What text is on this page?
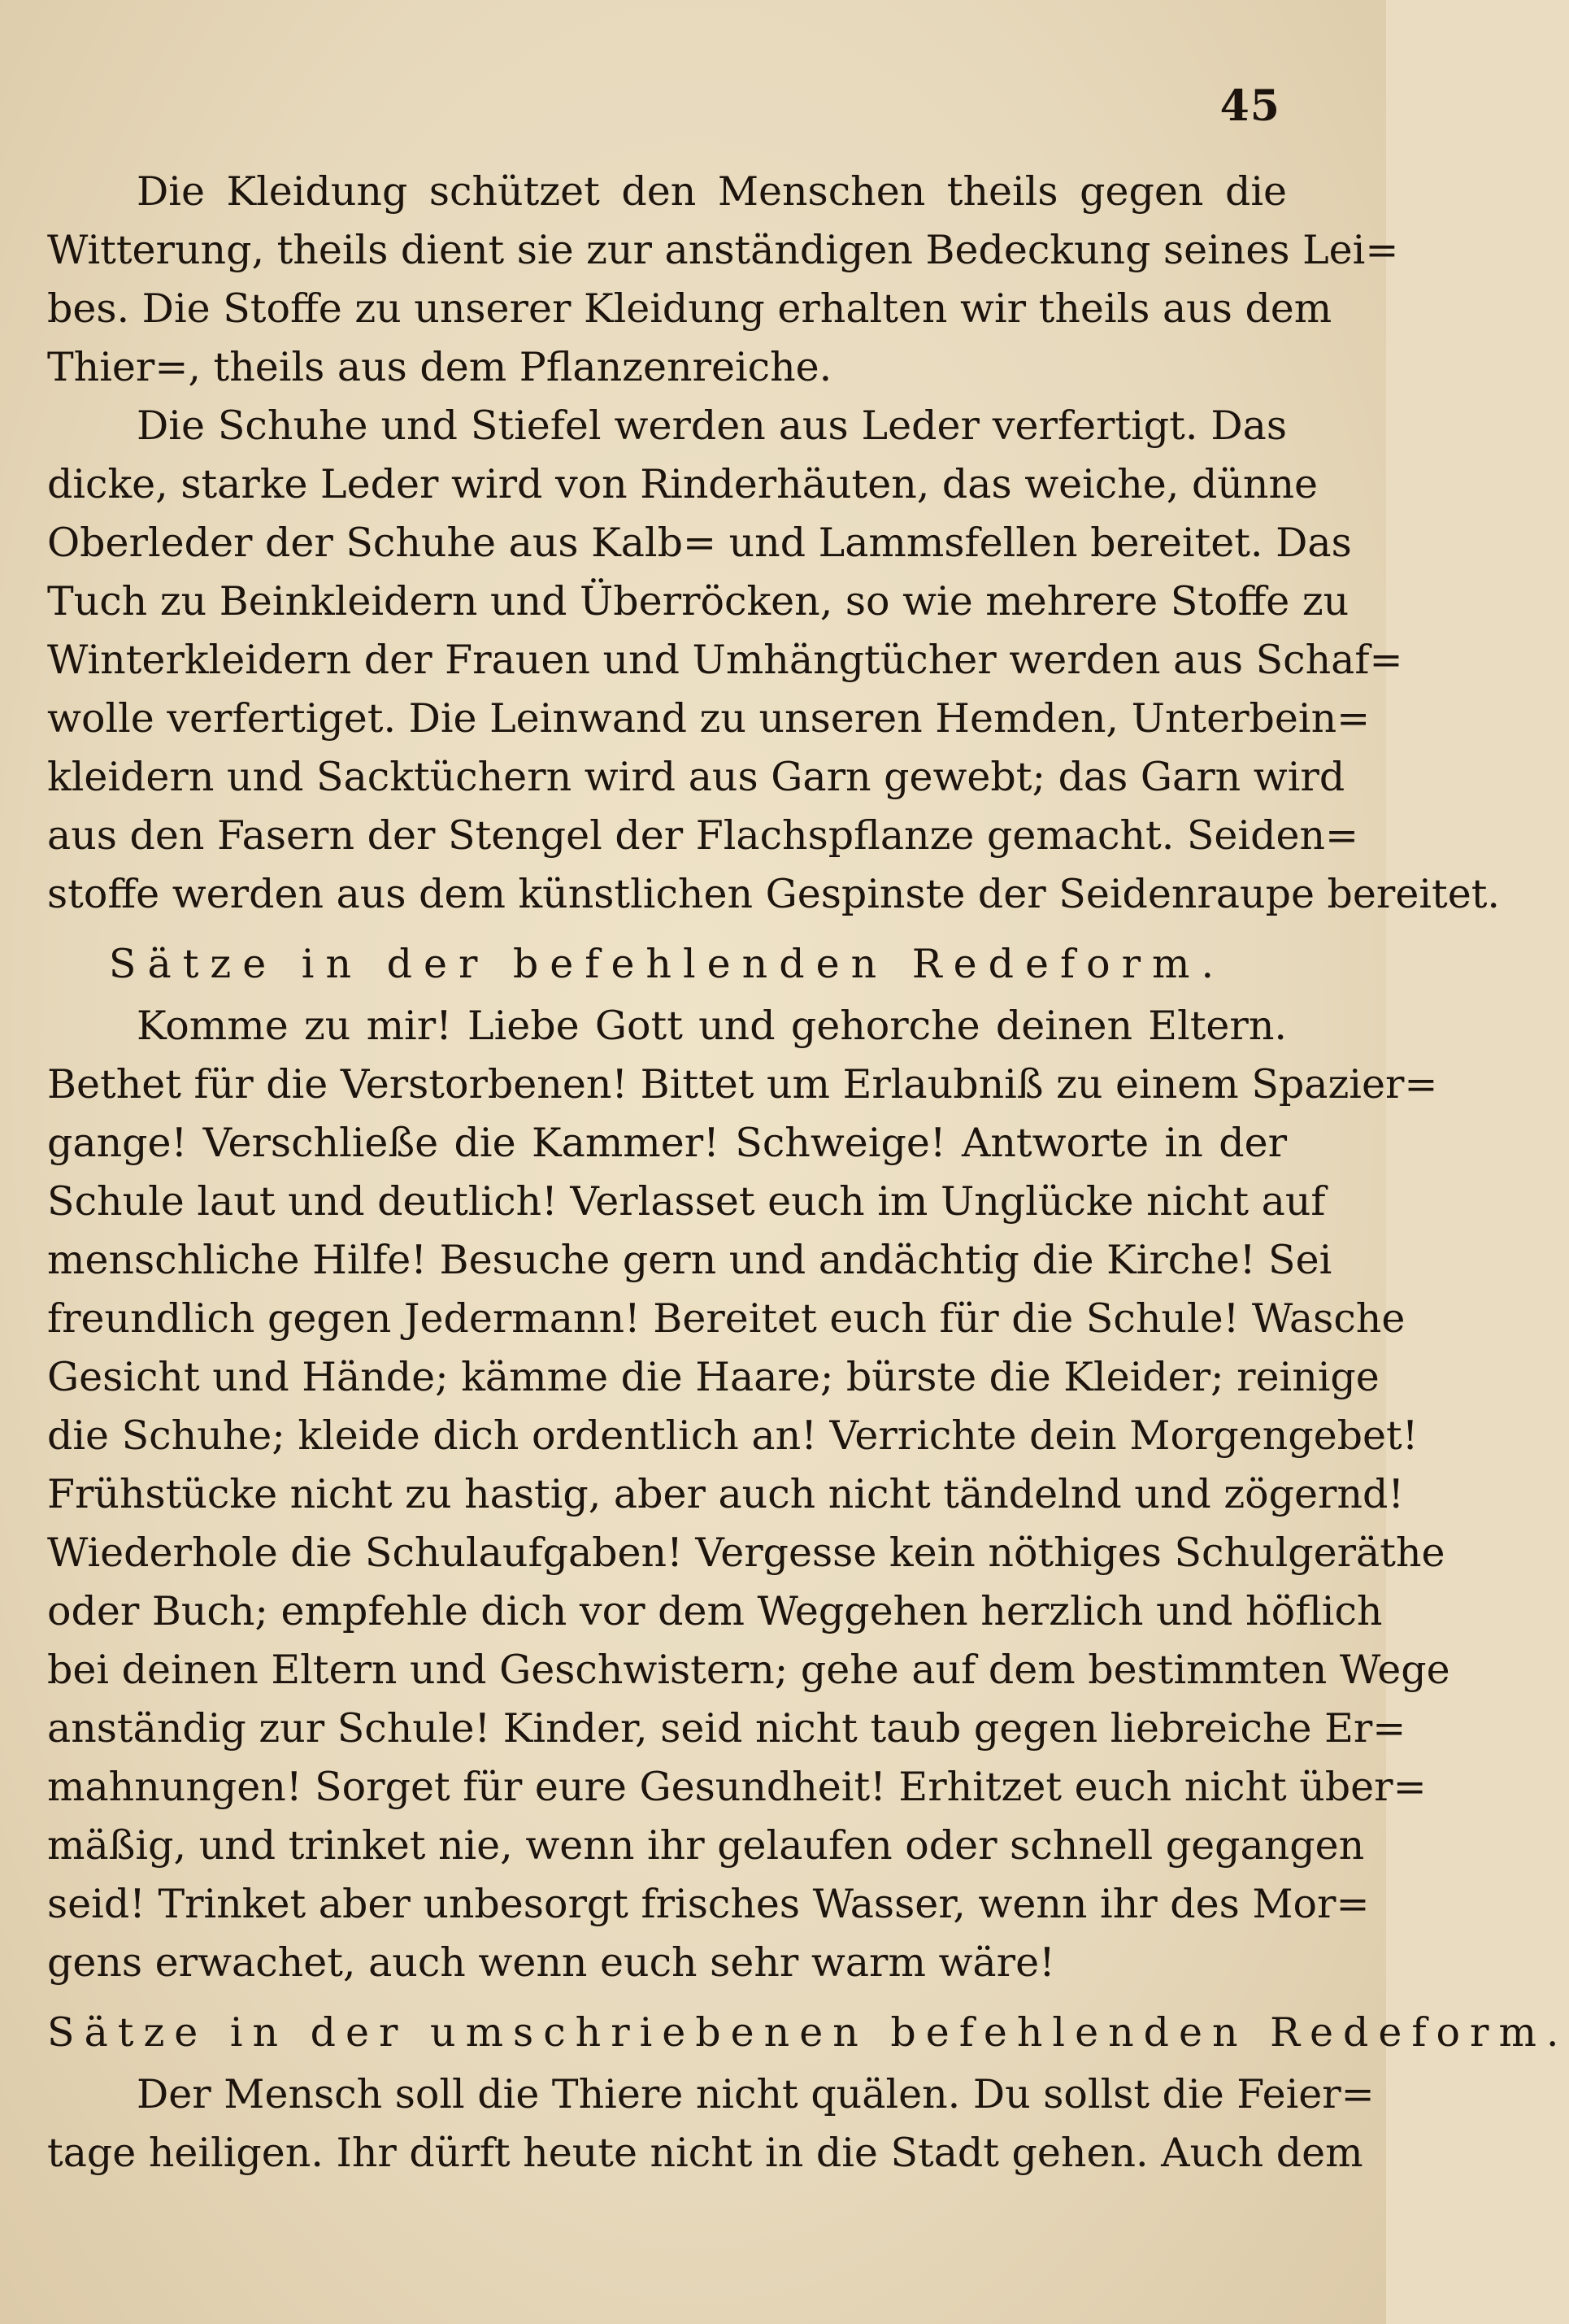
45
Die Kleidung schützet den Menschen theils gegen die
Witterung, theils dient sie zur anständigen Bedeckung seines Lei=
bes. Die Stoffe zu unserer Kleidung erhalten wir theils aus dem
Thier=, theils aus dem Pflanzenreiche.
Die Schuhe und Stiefel werden aus Leder verfertigt. Das
dicke, starke Leder wird von Rinderhäuten, das weiche, dünne
Oberleder der Schuhe aus Kalb= und Lammsfellen bereitet. Das
Tuch zu Beinkleidern und Überröcken, so wie mehrere Stoffe zu
Winterkleidern der Frauen und Umhängtücher werden aus Schaf=
wolle verfertiget. Die Leinwand zu unseren Hemden, Unterbein=
kleidern und Sacktüchern wird aus Garn gewebt; das Garn wird
aus den Fasern der Stengel der Flachspflanze gemacht. Seiden=
stoffe werden aus dem künstlichen Gespinste der Seidenraupe bereitet.
Sätze in der befehlenden Redeform.
Komme zu mir! Liebe Gott und gehorche deinen Eltern.
Bethet für die Verstorbenen! Bittet um Erlaubniß zu einem Spazier=
gange! Verschließe die Kammer! Schweige! Antworte in der
Schule laut und deutlich! Verlasset euch im Unglücke nicht auf
menschliche Hilfe! Besuche gern und andächtig die Kirche! Sei
freundlich gegen Jedermann! Bereitet euch für die Schule! Wasche
Gesicht und Hände; kämme die Haare; bürste die Kleider; reinige
die Schuhe; kleide dich ordentlich an! Verrichte dein Morgengebet!
Frühstücke nicht zu hastig, aber auch nicht tändelnd und zögernd!
Wiederhole die Schulaufgaben! Vergesse kein nöthiges Schulgeräthe
oder Buch; empfehle dich vor dem Weggehen herzlich und höflich
bei deinen Eltern und Geschwistern; gehe auf dem bestimmten Wege
anständig zur Schule! Kinder, seid nicht taub gegen liebreiche Er=
mahnungen! Sorget für eure Gesundheit! Erhitzet euch nicht über=
mäßig, und trinket nie, wenn ihr gelaufen oder schnell gegangen
seid! Trinket aber unbesorgt frisches Wasser, wenn ihr des Mor=
gens erwachet, auch wenn euch sehr warm wäre!
Sätze in der umschriebenen befehlenden Redeform.
Der Mensch soll die Thiere nicht quälen. Du sollst die Feier=
tage heiligen. Ihr dürft heute nicht in die Stadt gehen. Auch dem
